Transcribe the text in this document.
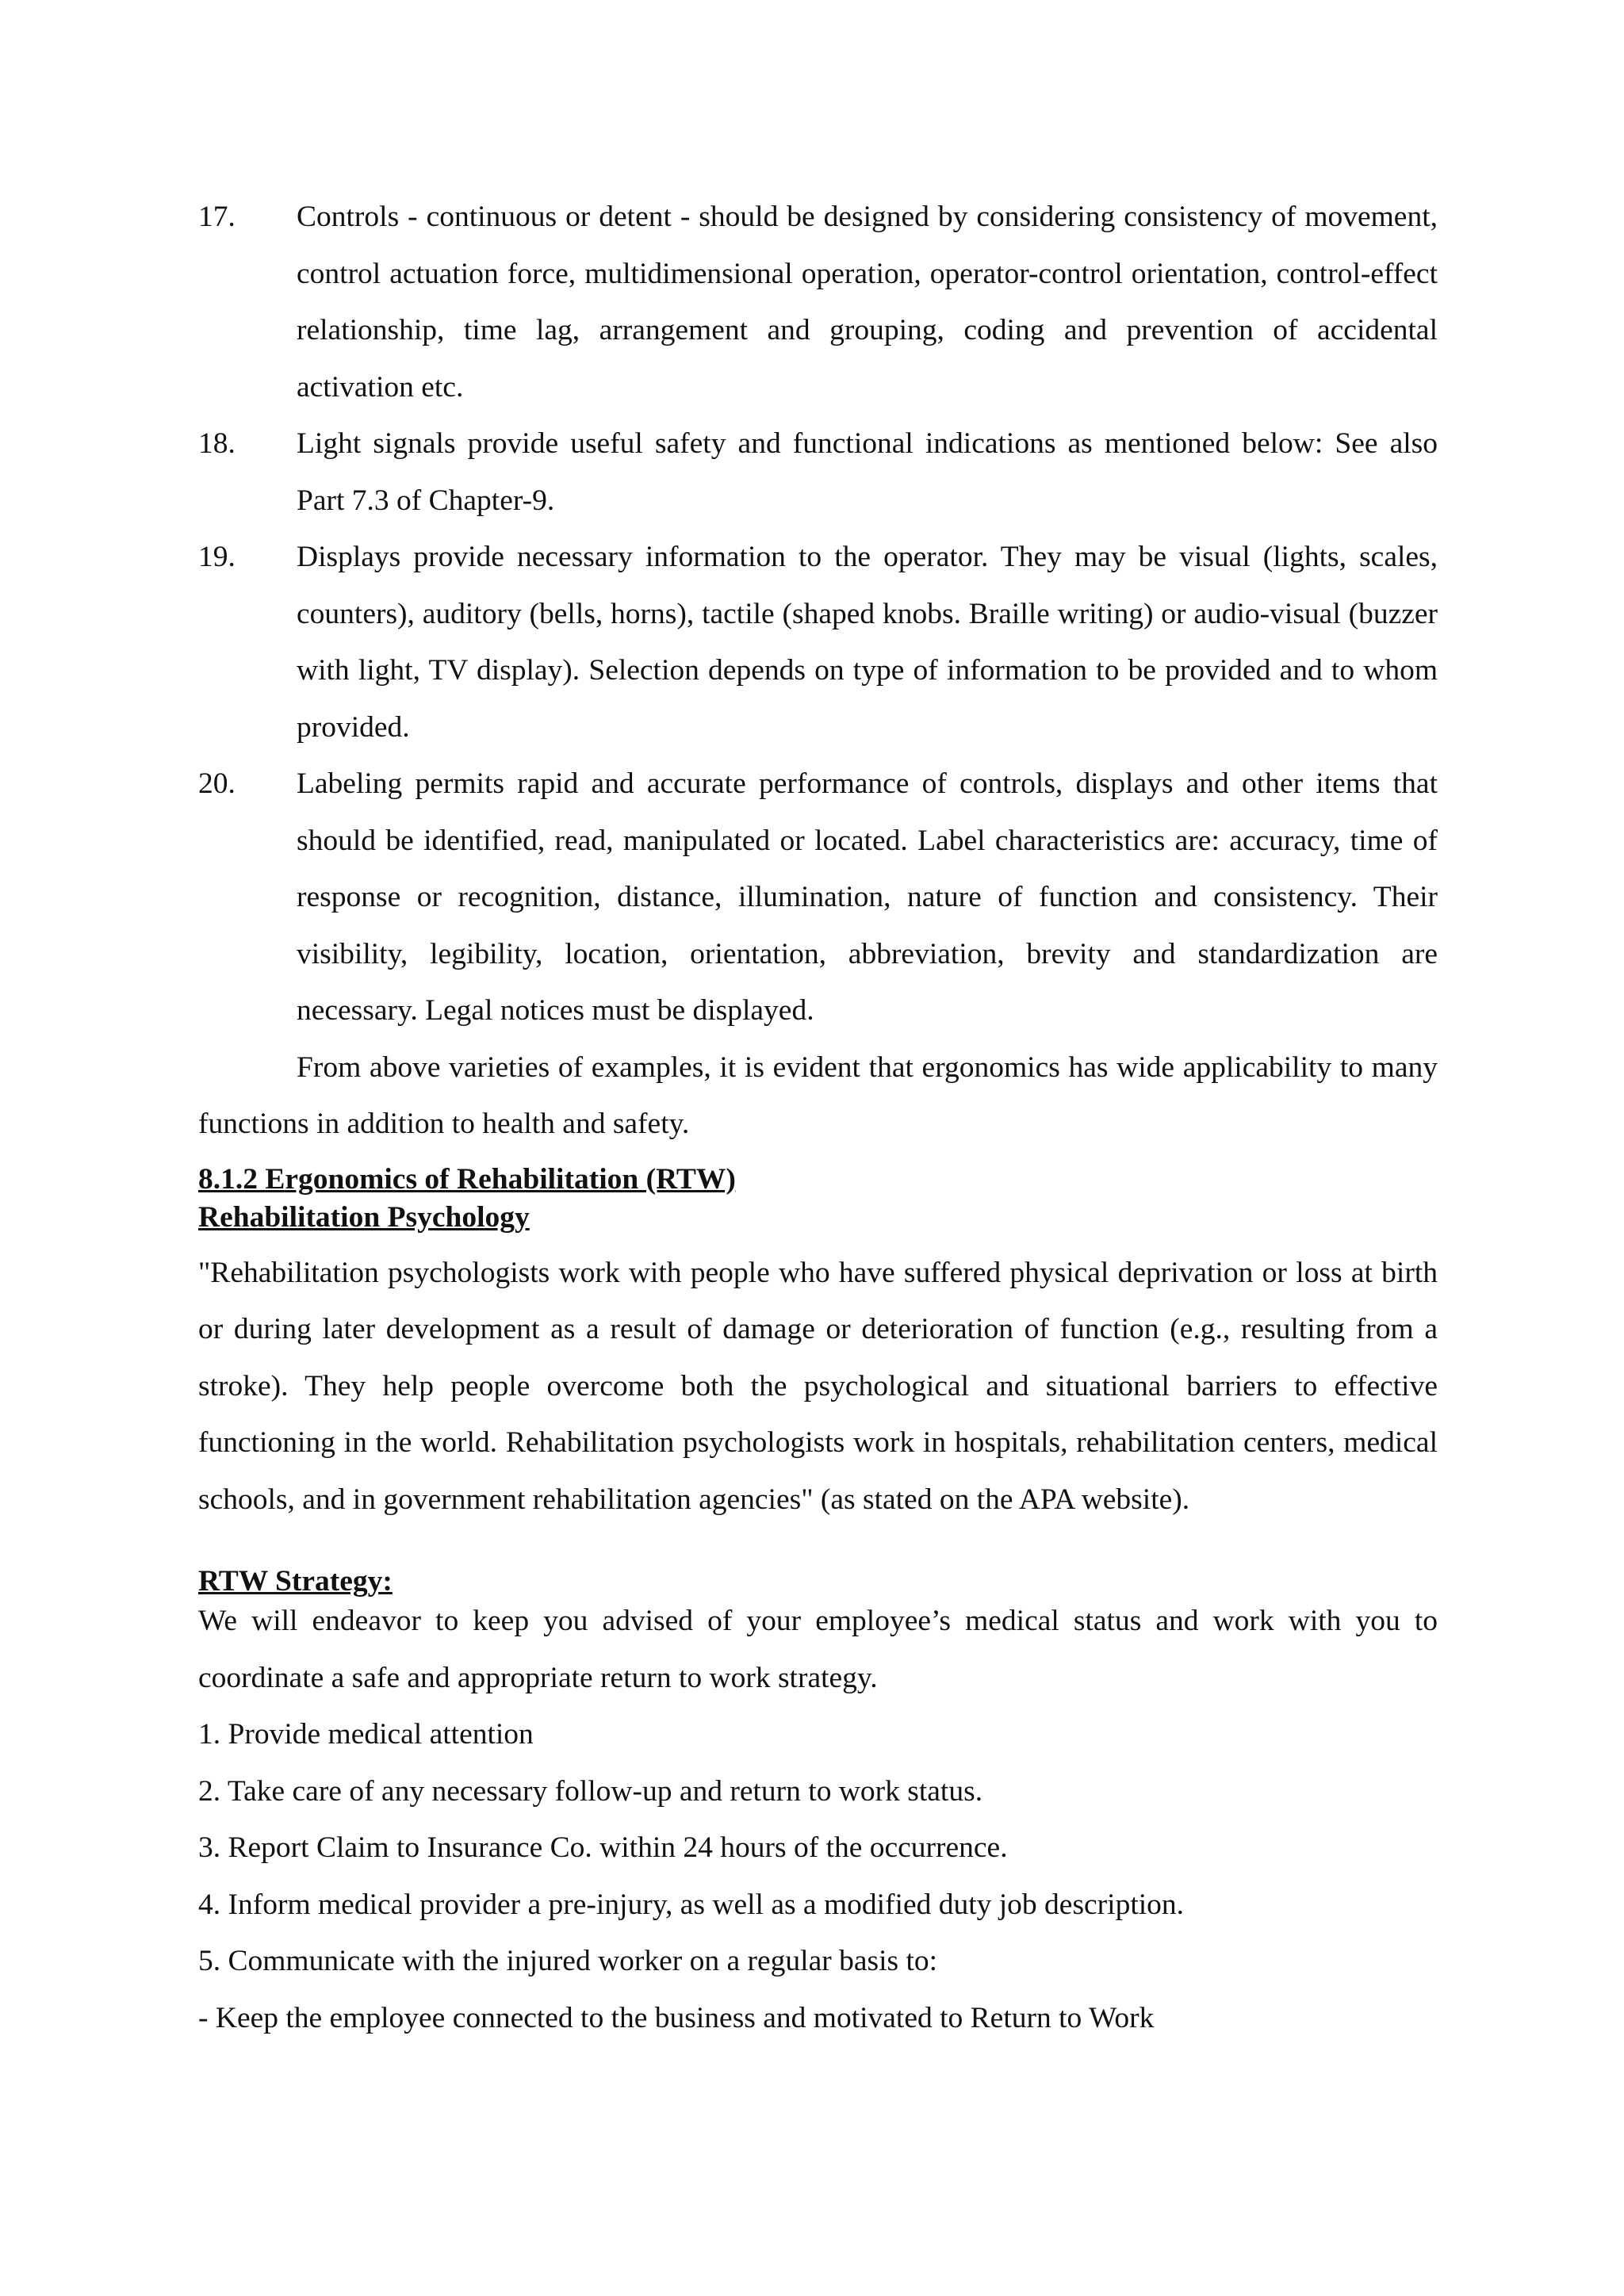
17. Controls - continuous or detent - should be designed by considering consistency of movement, control actuation force, multidimensional operation, operator-control orientation, control-effect relationship, time lag, arrangement and grouping, coding and prevention of accidental activation etc.
18. Light signals provide useful safety and functional indications as mentioned below: See also Part 7.3 of Chapter-9.
19. Displays provide necessary information to the operator. They may be visual (lights, scales, counters), auditory (bells, horns), tactile (shaped knobs. Braille writing) or audio-visual (buzzer with light, TV display). Selection depends on type of information to be provided and to whom provided.
20. Labeling permits rapid and accurate performance of controls, displays and other items that should be identified, read, manipulated or located. Label characteristics are: accuracy, time of response or recognition, distance, illumination, nature of function and consistency. Their visibility, legibility, location, orientation, abbreviation, brevity and standardization are necessary. Legal notices must be displayed.
From above varieties of examples, it is evident that ergonomics has wide applicability to many functions in addition to health and safety.
8.1.2 Ergonomics of Rehabilitation (RTW)
Rehabilitation Psychology
"Rehabilitation psychologists work with people who have suffered physical deprivation or loss at birth or during later development as a result of damage or deterioration of function (e.g., resulting from a stroke). They help people overcome both the psychological and situational barriers to effective functioning in the world. Rehabilitation psychologists work in hospitals, rehabilitation centers, medical schools, and in government rehabilitation agencies" (as stated on the APA website).
RTW Strategy:
We will endeavor to keep you advised of your employee’s medical status and work with you to coordinate a safe and appropriate return to work strategy.
1. Provide medical attention
2. Take care of any necessary follow-up and return to work status.
3. Report Claim to Insurance Co. within 24 hours of the occurrence.
4. Inform medical provider a pre-injury, as well as a modified duty job description.
5. Communicate with the injured worker on a regular basis to:
- Keep the employee connected to the business and motivated to Return to Work
